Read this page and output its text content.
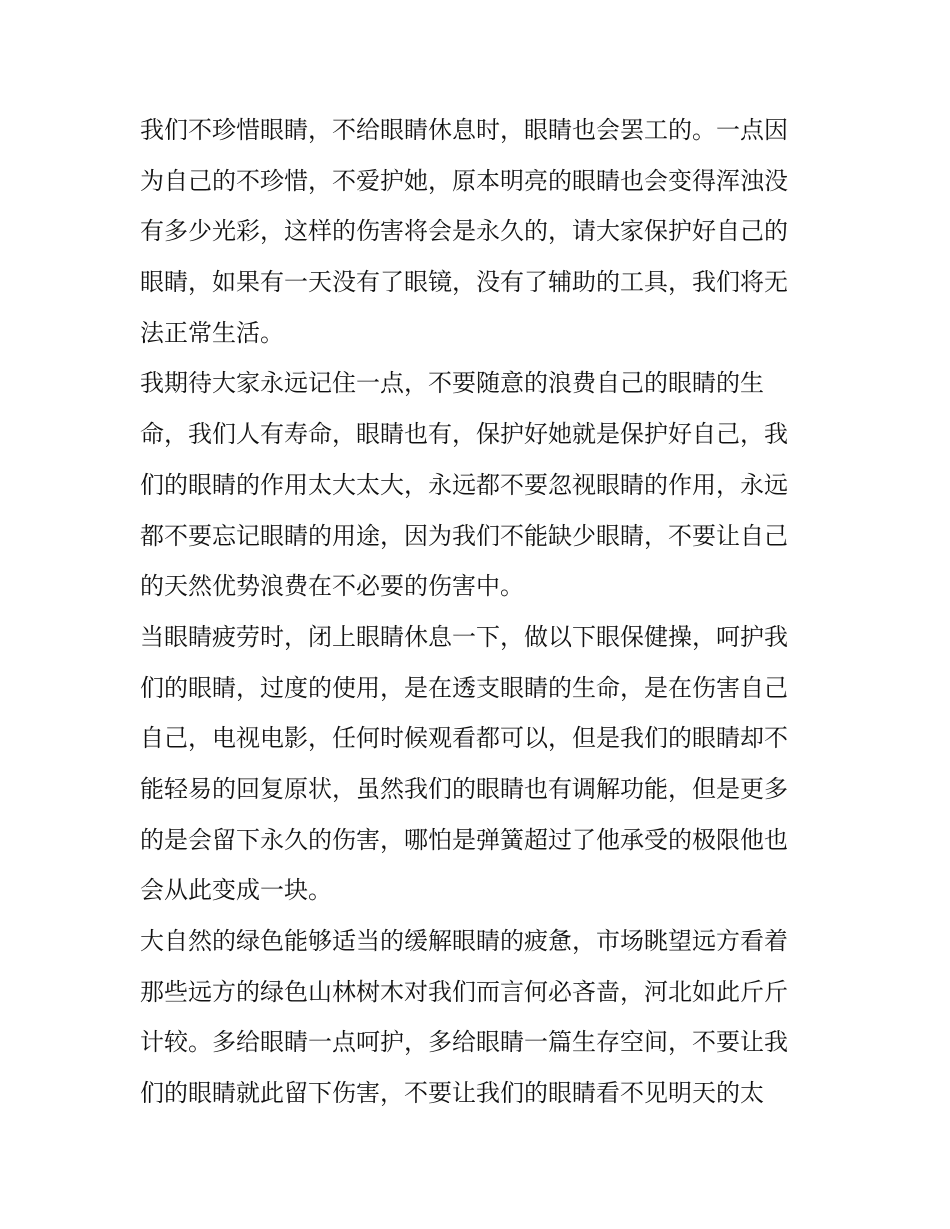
我们不珍惜眼睛，不给眼睛休息时，眼睛也会罢工的。一点因
为自己的不珍惜，不爱护她，原本明亮的眼睛也会变得浑浊没
有多少光彩，这样的伤害将会是永久的，请大家保护好自己的
眼睛，如果有一天没有了眼镜，没有了辅助的工具，我们将无
法正常生活。
我期待大家永远记住一点，不要随意的浪费自己的眼睛的生
命，我们人有寿命，眼睛也有，保护好她就是保护好自己，我
们的眼睛的作用太大太大，永远都不要忽视眼睛的作用，永远
都不要忘记眼睛的用途，因为我们不能缺少眼睛，不要让自己
的天然优势浪费在不必要的伤害中。
当眼睛疲劳时，闭上眼睛休息一下，做以下眼保健操，呵护我
们的眼睛，过度的使用，是在透支眼睛的生命，是在伤害自己
自己，电视电影，任何时候观看都可以，但是我们的眼睛却不
能轻易的回复原状，虽然我们的眼睛也有调解功能，但是更多
的是会留下永久的伤害，哪怕是弹簧超过了他承受的极限他也
会从此变成一块。
大自然的绿色能够适当的缓解眼睛的疲惫，市场眺望远方看着
那些远方的绿色山林树木对我们而言何必吝啬，河北如此斤斤
计较。多给眼睛一点呵护，多给眼睛一篇生存空间，不要让我
们的眼睛就此留下伤害，不要让我们的眼睛看不见明天的太
